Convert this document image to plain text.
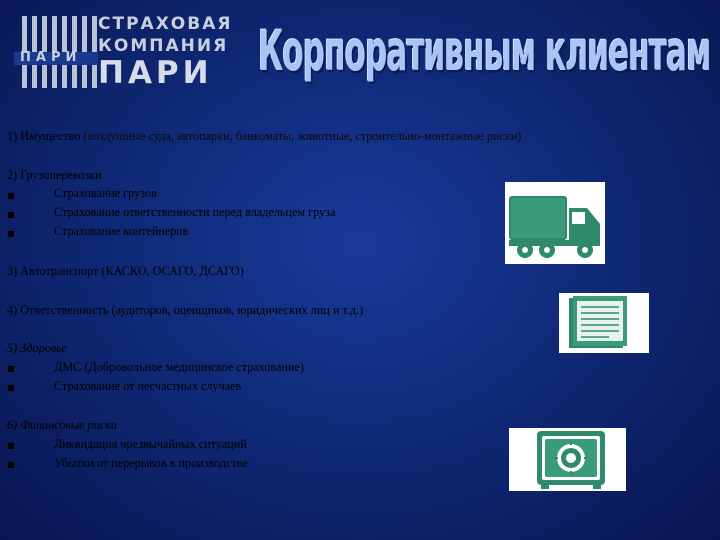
ПАРИ
СТРАХОВАЯ
КОМПАНИЯ
ПАРИ Корпоративным клиентам
1) Имущество (воздушные суда, автопарки, банкоматы, животные, строительно-монтажные риски)
2) Грузоперевозки
■	Страхование грузов
■	Страхование ответственности перед владельцем груза
■	Страхование контейнеров
3) Автотранспорт (КАСКО, ОСАГО, ДСАГО)
4) Ответственность (аудиторов, оценщиков, юридических лиц и т.д.)
5) Здоровье
■	ДМС (Добровольное медицинское страхование)
■	Страхование от несчастных случаев
6) Финансовые риски
■	Ликвидация чрезвычайных ситуаций
■	Убытки от перерывов в производстве
